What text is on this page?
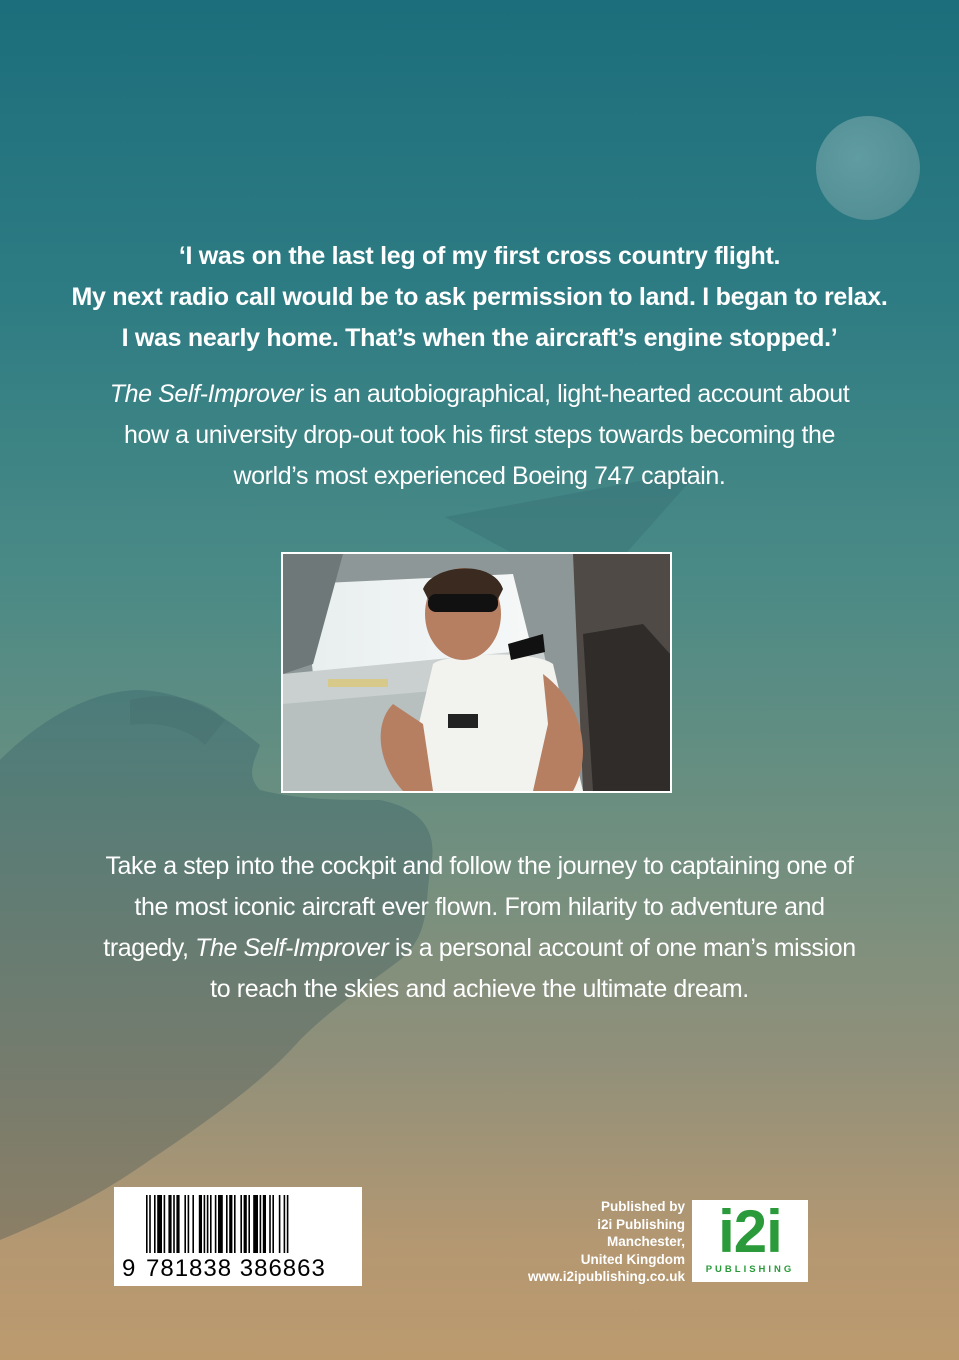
‘I was on the last leg of my first cross country flight.
My next radio call would be to ask permission to land. I began to relax.
I was nearly home. That’s when the aircraft’s engine stopped.’
The Self-Improver is an autobiographical, light-hearted account about how a university drop-out took his first steps towards becoming the world’s most experienced Boeing 747 captain.
Take a step into the cockpit and follow the journey to captaining one of the most iconic aircraft ever flown. From hilarity to adventure and tragedy, The Self-Improver is a personal account of one man’s mission to reach the skies and achieve the ultimate dream.
9 781838 386863
Published by
i2i Publishing
Manchester,
United Kingdom
www.i2ipublishing.co.uk
i2i
PUBLISHING
